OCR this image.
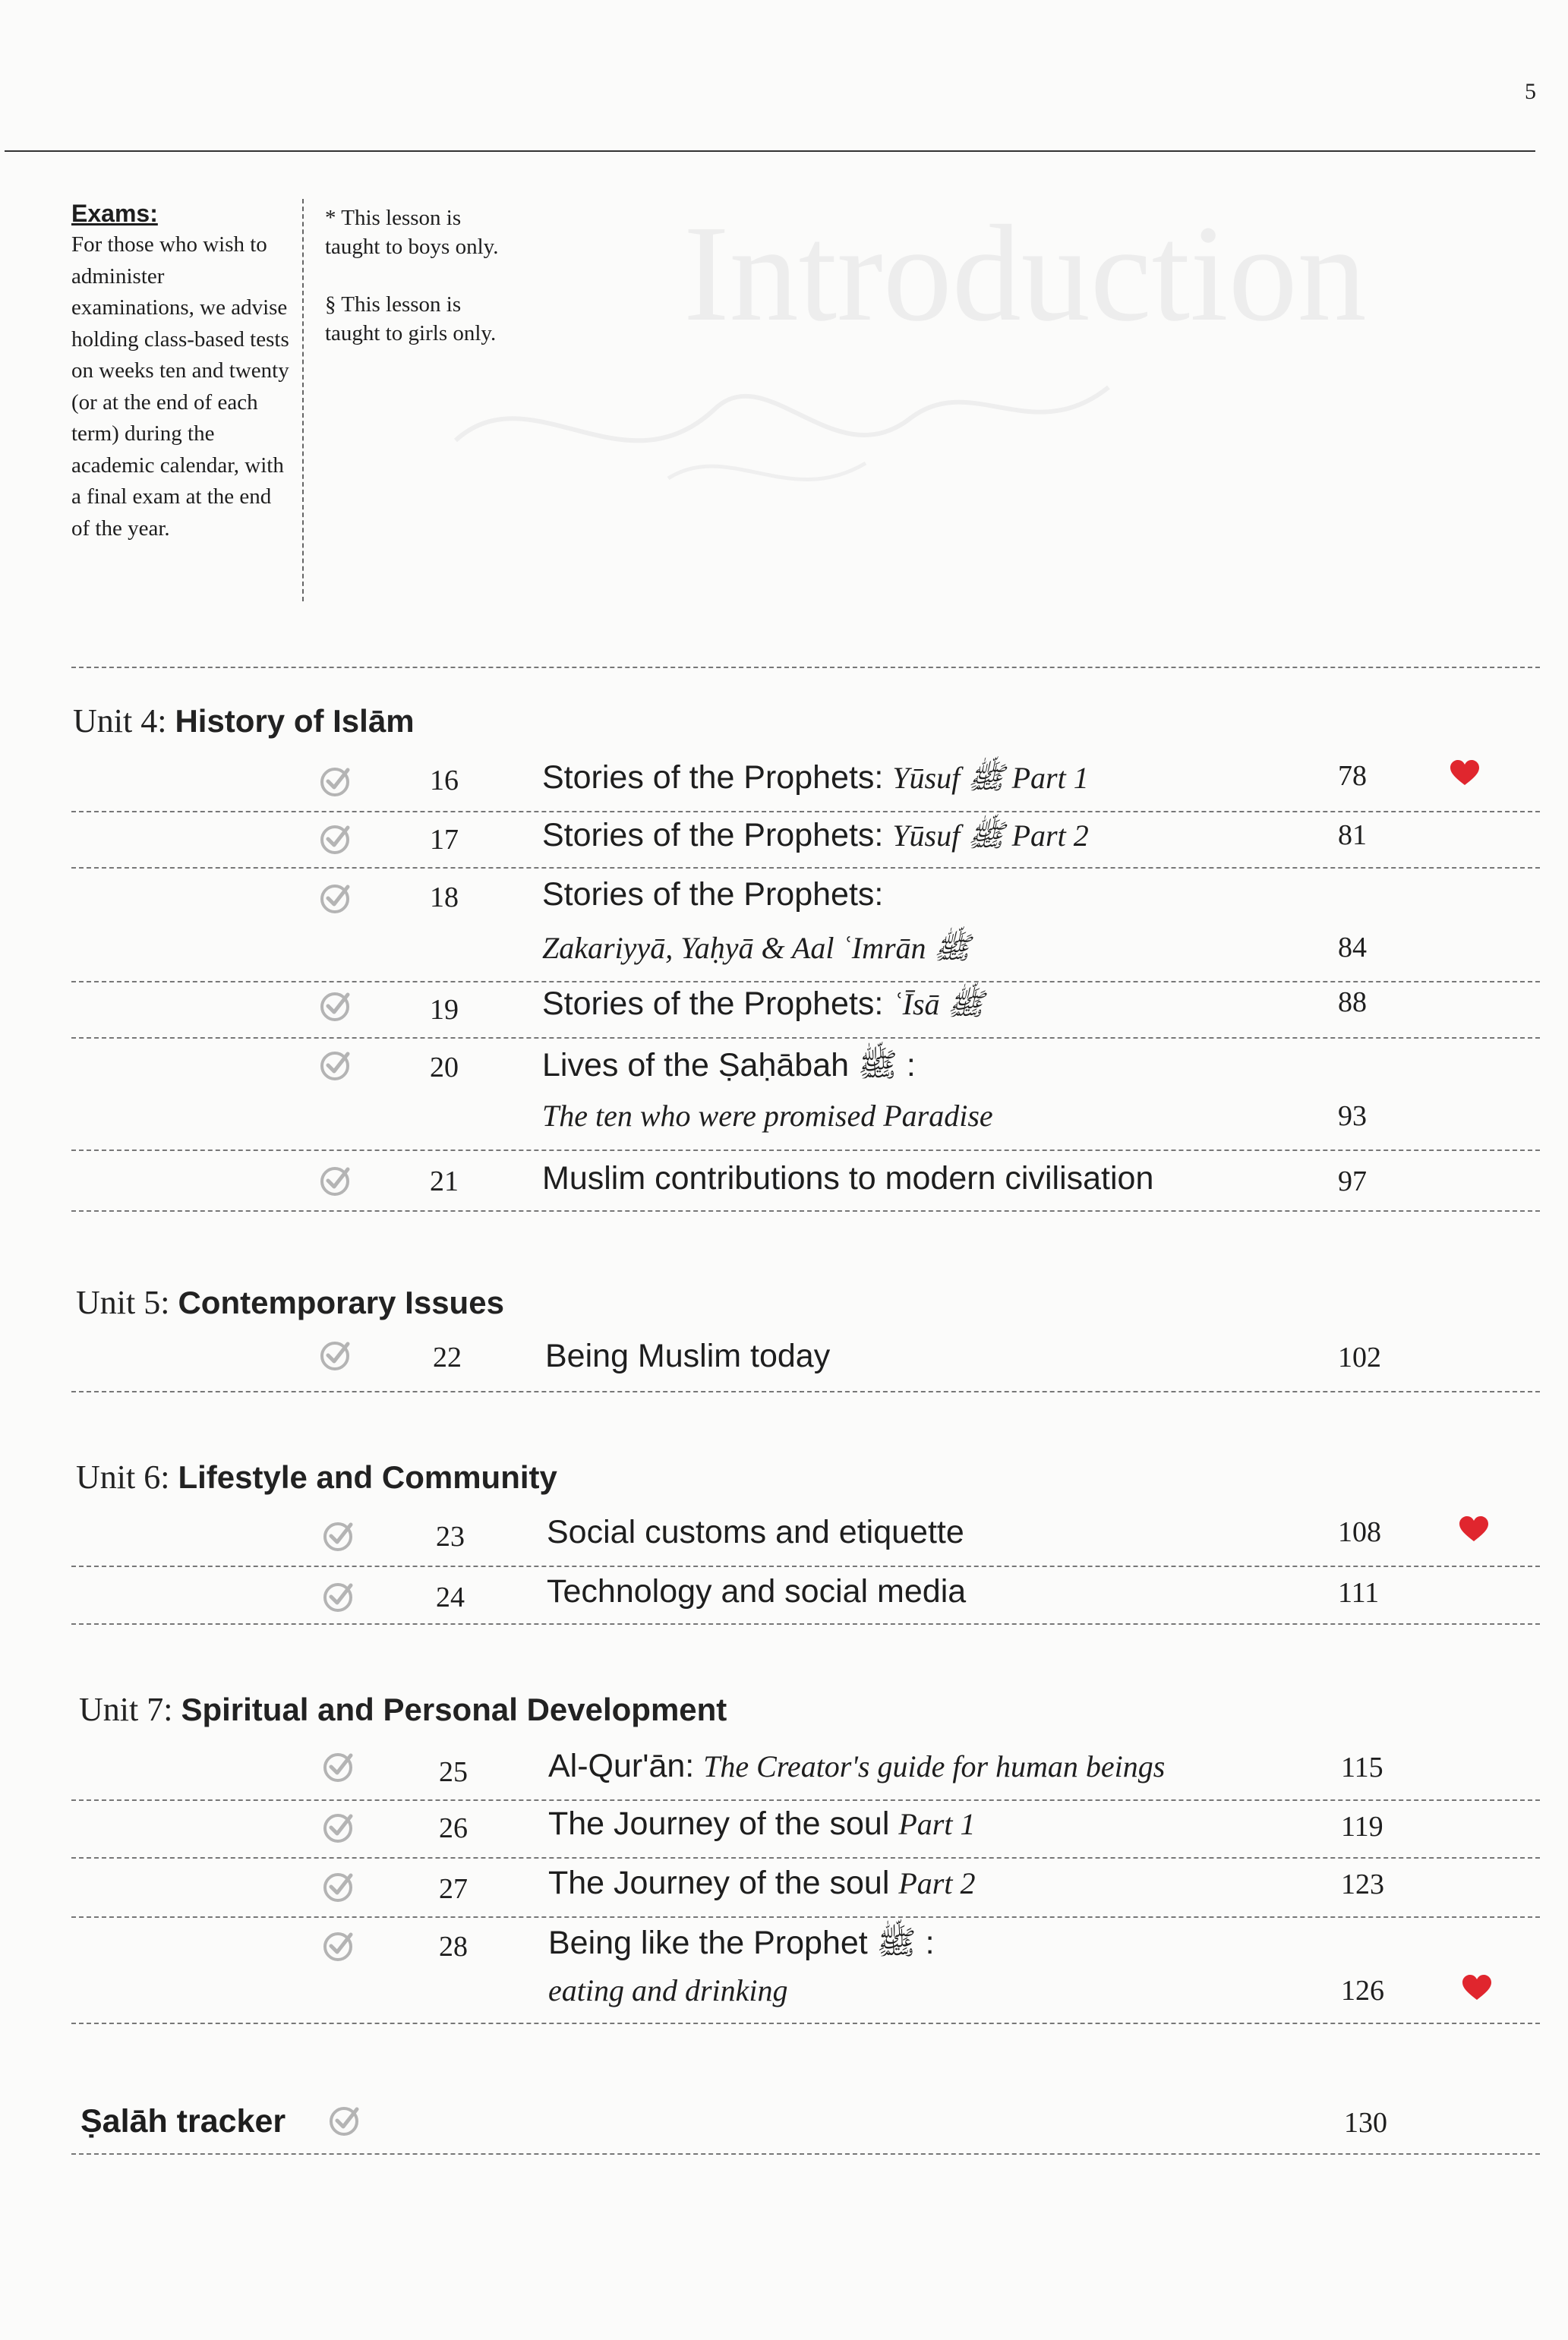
5
Introduction
Exams:
For those who wish to administer examinations, we advise holding class-based tests on weeks ten and twenty (or at the end of each term) during the academic calendar, with a final exam at the end of the year.
* This lesson is taught to boys only.
§ This lesson is taught to girls only.
Unit 4: History of Islām
16	Stories of the Prophets: Yūsuf ﷺ Part 1	78
17	Stories of the Prophets: Yūsuf ﷺ Part 2	81
18	Stories of the Prophets:
Zakariyyā, Yaḥyā & Aal ʿImrān ﷺ	84
19	Stories of the Prophets: ʿĪsā ﷺ	88
20	Lives of the Ṣaḥābah ﷺ :
The ten who were promised Paradise	93
21	Muslim contributions to modern civilisation	97
Unit 5: Contemporary Issues
22	Being Muslim today	102
Unit 6: Lifestyle and Community
23	Social customs and etiquette	108
24	Technology and social media	111
Unit 7: Spiritual and Personal Development
25 Al-Qur'ān: The Creator's guide for human beings	115
26 The Journey of the soul Part 1	119
27 The Journey of the soul Part 2	123
28 Being like the Prophet ﷺ :
eating and drinking	126
Ṣalāh tracker	130
